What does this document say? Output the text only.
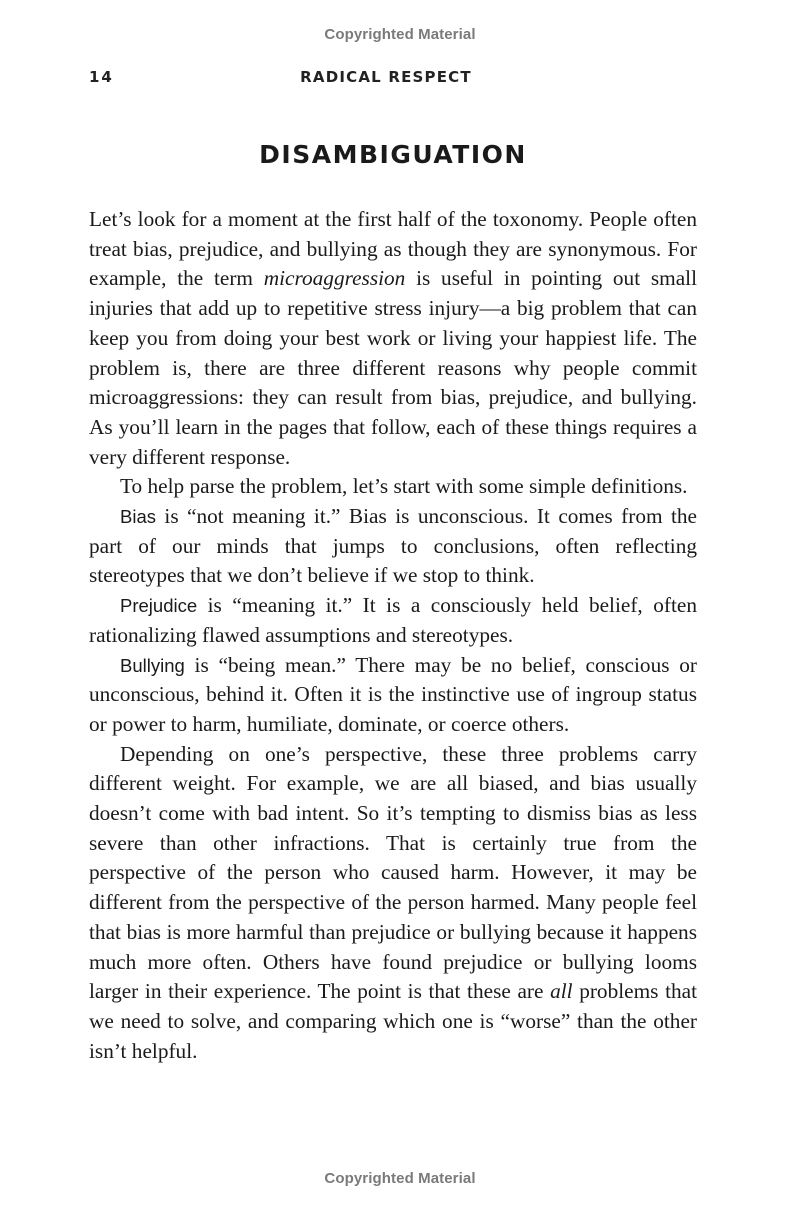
Copyrighted Material
14	RADICAL RESPECT
DISAMBIGUATION

Let’s look for a moment at the first half of the toxonomy. People often treat bias, prejudice, and bullying as though they are synonymous. For example, the term microaggression is useful in pointing out small injuries that add up to repetitive stress injury—a big problem that can keep you from doing your best work or living your happiest life. The problem is, there are three different reasons why people commit microaggressions: they can result from bias, prejudice, and bullying. As you’ll learn in the pages that follow, each of these things requires a very different response.

To help parse the problem, let’s start with some simple definitions.

Bias is “not meaning it.” Bias is unconscious. It comes from the part of our minds that jumps to conclusions, often reflecting stereotypes that we don’t believe if we stop to think.

Prejudice is “meaning it.” It is a consciously held belief, often rationalizing flawed assumptions and stereotypes.

Bullying is “being mean.” There may be no belief, conscious or unconscious, behind it. Often it is the instinctive use of ingroup status or power to harm, humiliate, dominate, or coerce others.

Depending on one’s perspective, these three problems carry different weight. For example, we are all biased, and bias usually doesn’t come with bad intent. So it’s tempting to dismiss bias as less severe than other infractions. That is certainly true from the perspective of the person who caused harm. However, it may be different from the perspective of the person harmed. Many people feel that bias is more harmful than prejudice or bullying because it happens much more often. Others have found prejudice or bullying looms larger in their experience. The point is that these are all problems that we need to solve, and comparing which one is “worse” than the other isn’t helpful.

Copyrighted Material
